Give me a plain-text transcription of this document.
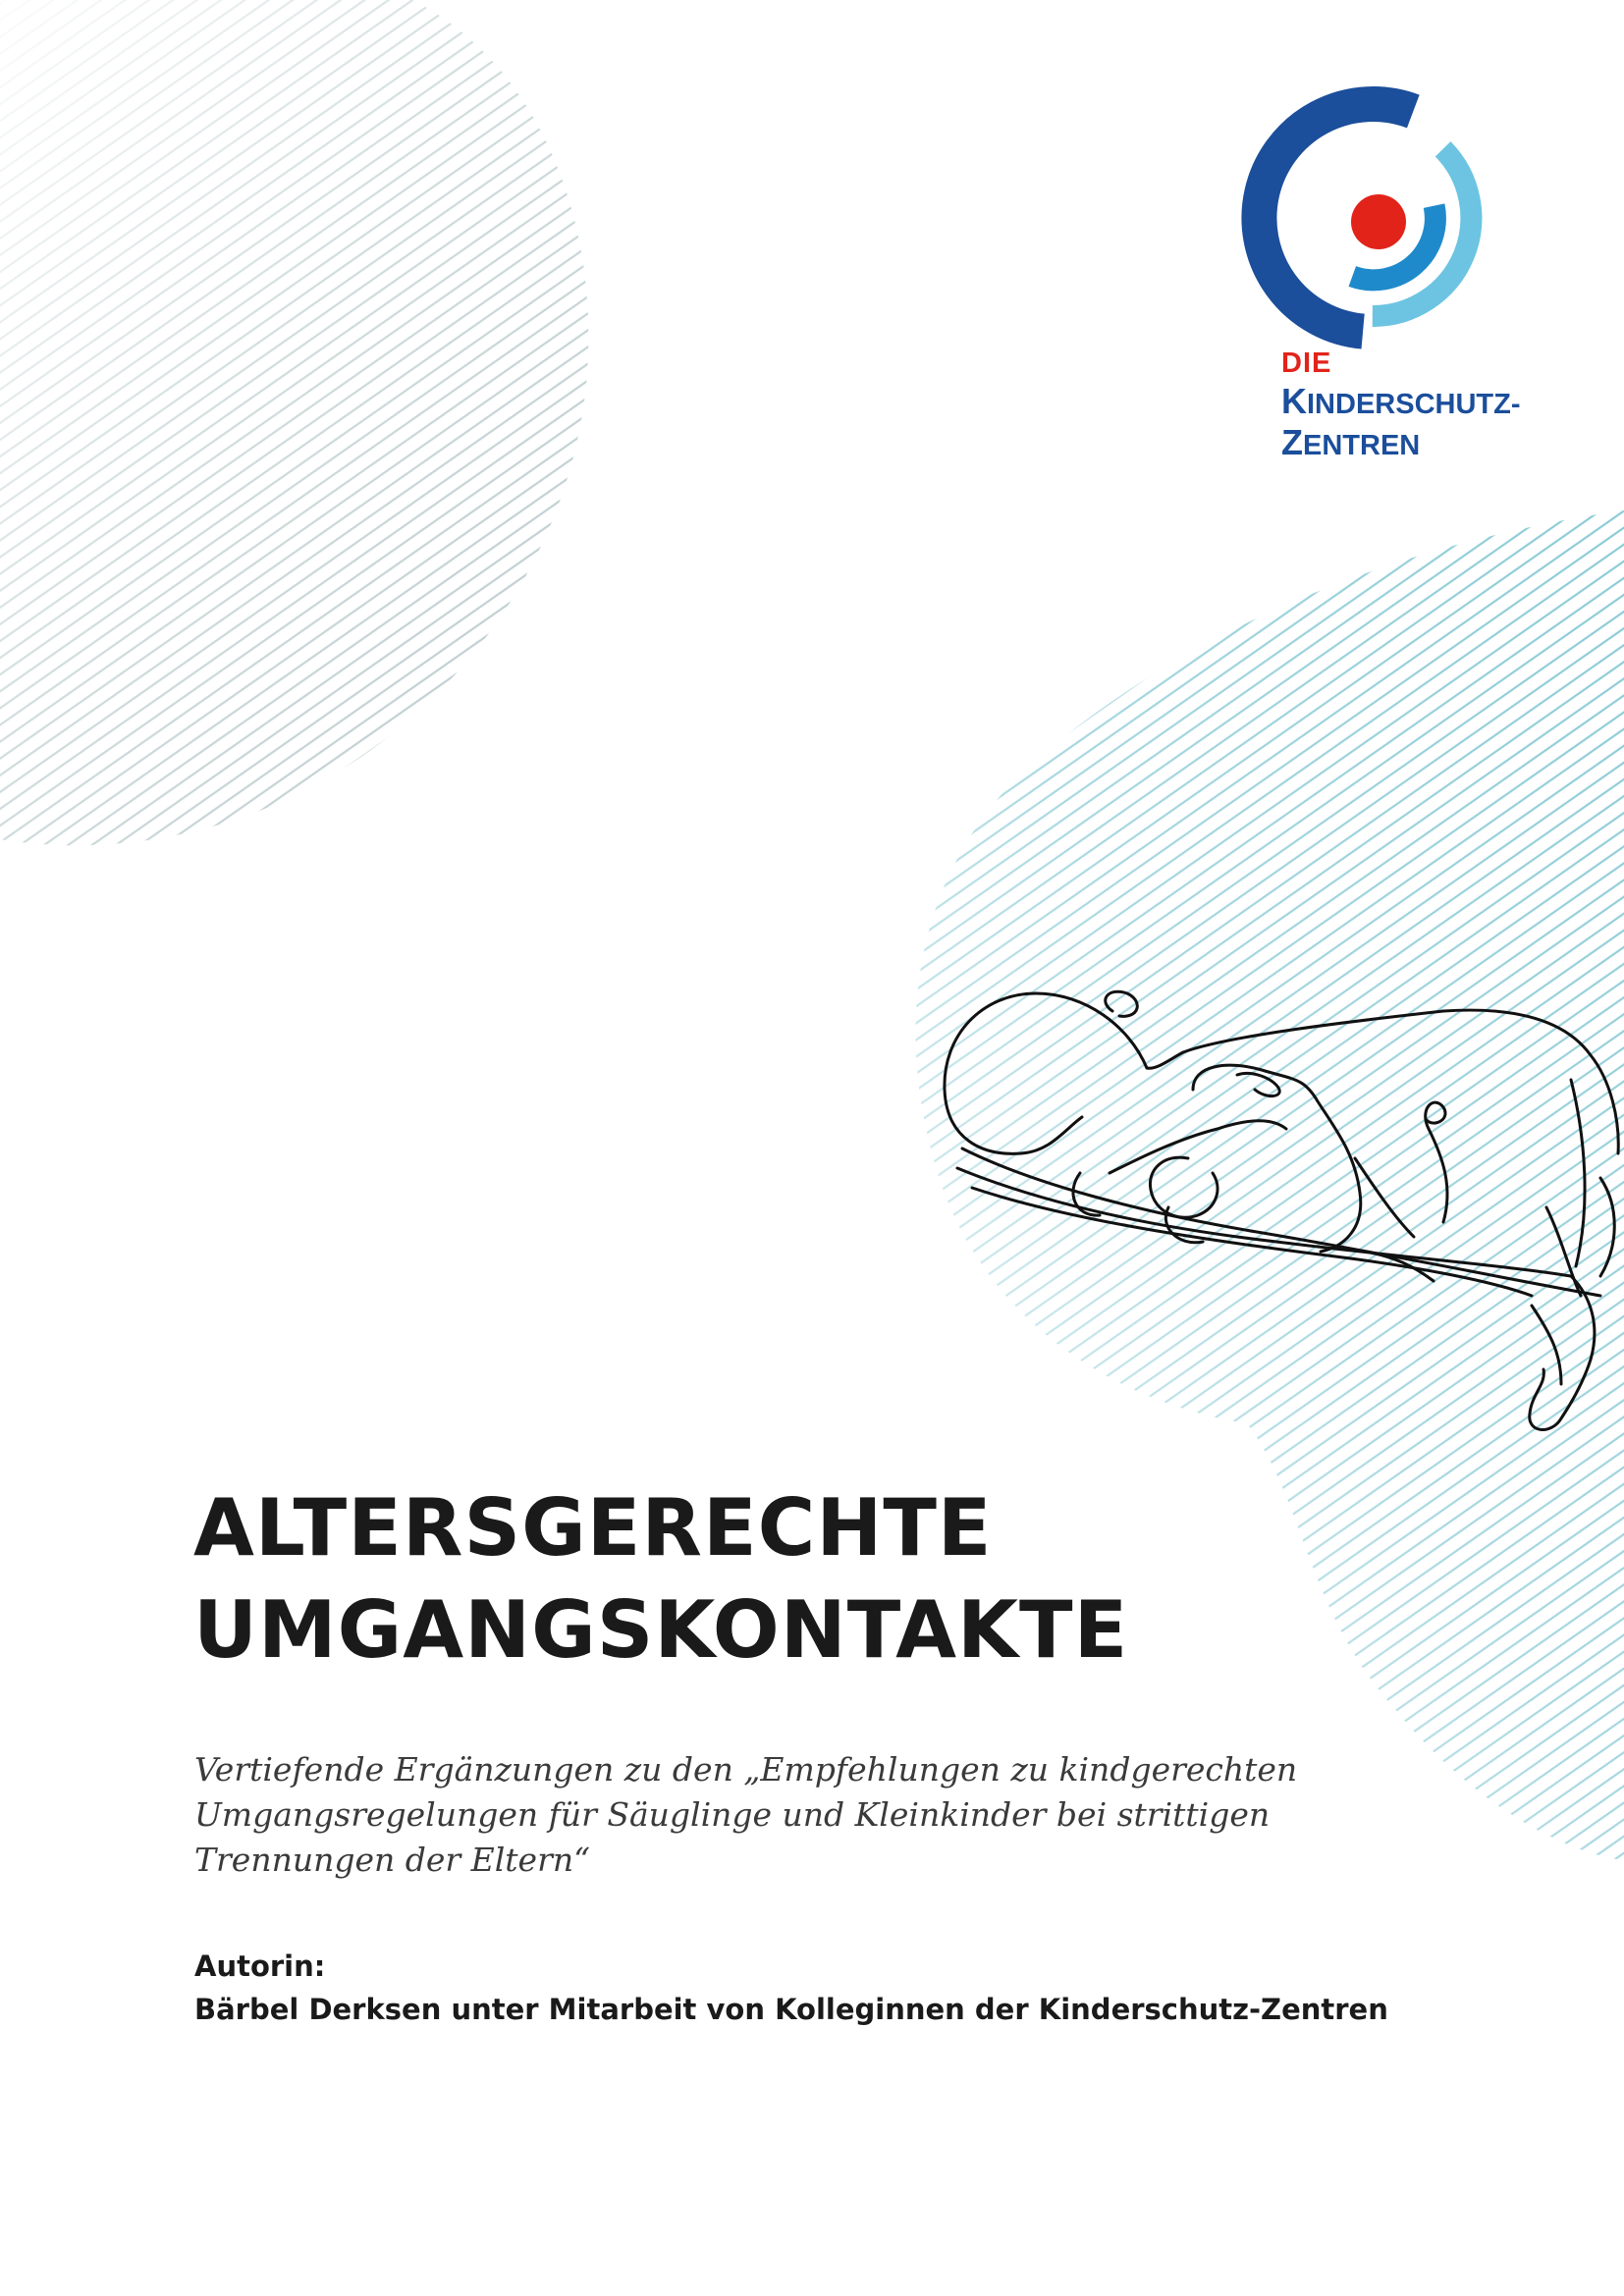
DIE
KINDERSCHUTZ-
ZENTREN
ALTERSGERECHTE
UMGANGSKONTAKTE

Vertiefende Ergänzungen zu den „Empfehlungen zu kindgerechten Umgangsregelungen für Säuglinge und Kleinkinder bei strittigen Trennungen der Eltern“

Autorin:
Bärbel Derksen unter Mitarbeit von Kolleginnen der Kinderschutz-Zentren
